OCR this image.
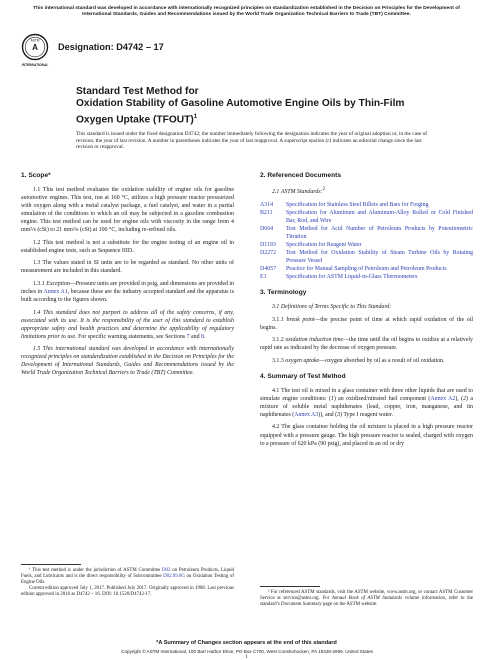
This international standard was developed in accordance with internationally recognized principles on standardization established in the Decision on Principles for the Development of International Standards, Guides and Recommendations issued by the World Trade Organization Technical Barriers to Trade (TBT) Committee.
A
ASTM
INTERNATIONAL
Designation: D4742 – 17
Standard Test Method for
Oxidation Stability of Gasoline Automotive Engine Oils by Thin-Film Oxygen Uptake (TFOUT)$^1$
This standard is issued under the fixed designation D4742; the number immediately following the designation indicates the year of original adoption or, in the case of revision, the year of last revision. A number in parentheses indicates the year of last reapproval. A superscript epsilon (ε) indicates an editorial change since the last revision or reapproval.
1. Scope*

1.1 This test method evaluates the oxidation stability of engine oils for gasoline automotive engines. This test, run at 160 °C, utilizes a high pressure reactor pressurized with oxygen along with a metal catalyst package, a fuel catalyst, and water in a partial simulation of the conditions to which an oil may be subjected in a gasoline combustion engine. This test method can be used for engine oils with viscosity in the range from 4 mm²/s (cSt) to 21 mm²/s (cSt) at 100 °C, including re-refined oils.

1.2 This test method is not a substitute for the engine testing of an engine oil in established engine tests, such as Sequence IIID.

1.3 The values stated in SI units are to be regarded as standard. No other units of measurement are included in this standard.

1.3.1 Exception—Pressure units are provided in psig, and dimensions are provided in inches in Annex A1, because these are the industry accepted standard and the apparatus is built according to the figures shown.

1.4 This standard does not purport to address all of the safety concerns, if any, associated with its use. It is the responsibility of the user of this standard to establish appropriate safety and health practices and determine the applicability of regulatory limitations prior to use. For specific warning statements, see Sections 7 and 8.

1.5 This international standard was developed in accordance with internationally recognized principles on standardization established in the Decision on Principles for the Development of International Standards, Guides and Recommendations issued by the World Trade Organization Technical Barriers to Trade (TBT) Committee.

2. Referenced Documents

2.1 ASTM Standards:$^2$

A314 Specification for Stainless Steel Billets and Bars for Forging
B211 Specification for Aluminum and Aluminum-Alloy Rolled or Cold Finished Bar, Rod, and Wire
D664 Test Method for Acid Number of Petroleum Products by Potentiometric Titration
D1193 Specification for Reagent Water
D2272 Test Method for Oxidation Stability of Steam Turbine Oils by Rotating Pressure Vessel
D4057 Practice for Manual Sampling of Petroleum and Petroleum Products
E1	Specification for ASTM Liquid-in-Glass Thermometers
3. Terminology

3.1 Definitions of Terms Specific to This Standard:

3.1.1 break point—the precise point of time at which rapid oxidation of the oil begins.

3.1.2 oxidation induction time—the time until the oil begins to oxidize at a relatively rapid rate as indicated by the decrease of oxygen pressure.

3.1.3 oxygen uptake—oxygen absorbed by oil as a result of oil oxidation.

4. Summary of Test Method

4.1 The test oil is mixed in a glass container with three other liquids that are used to simulate engine conditions: (1) an oxidized/nitrated fuel component (Annex A2), (2) a mixture of soluble metal naphthenates (lead, copper, iron, manganese, and tin naphthenates (Annex A3)), and (3) Type I reagent water.

4.2 The glass container holding the oil mixture is placed in a high pressure reactor equipped with a pressure gauge. The high pressure reactor is sealed, charged with oxygen to a pressure of 620 kPa (90 psig), and placed in an oil or dry

¹ This test method is under the jurisdiction of ASTM Committee D02 on Petroleum Products, Liquid Fuels, and Lubricants and is the direct responsibility of Subcommittee D02.09.0G on Oxidation Testing of Engine Oils.
Current edition approved July 1, 2017. Published July 2017. Originally approved in 1988. Last previous edition approved in 2016 as D4742 – 16. DOI: 10.1520/D4742-17.	² For referenced ASTM standards, visit the ASTM website, www.astm.org, or contact ASTM Customer Service at service@astm.org. For Annual Book of ASTM Standards volume information, refer to the standard’s Document Summary page on the ASTM website.
*A Summary of Changes section appears at the end of this standard
Copyright © ASTM International, 100 Barr Harbor Drive, PO Box C700, West Conshohocken, PA 19428-2959. United States
1
